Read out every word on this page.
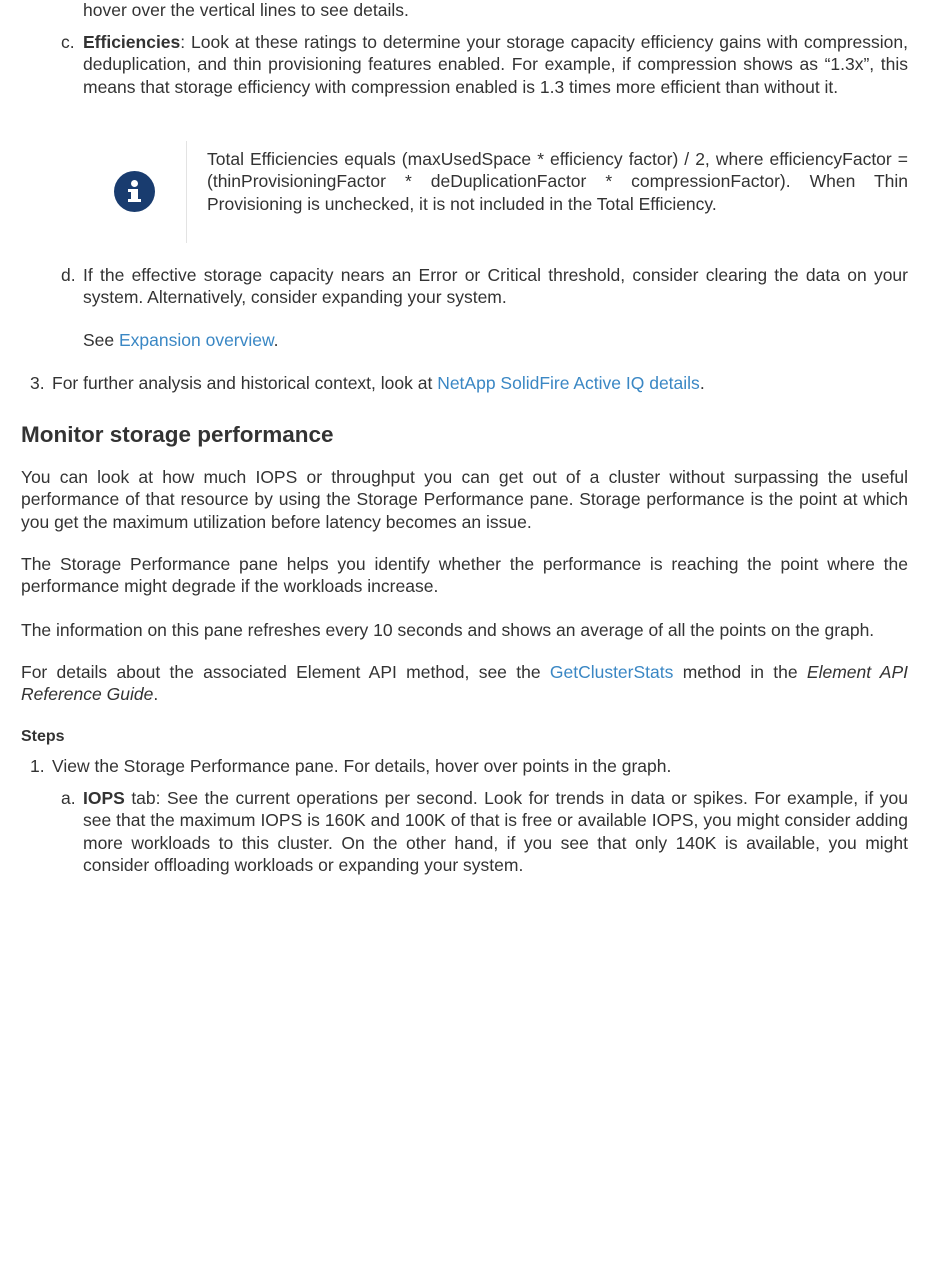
hover over the vertical lines to see details.
c. Efficiencies: Look at these ratings to determine your storage capacity efficiency gains with compression, deduplication, and thin provisioning features enabled. For example, if compression shows as “1.3x”, this means that storage efficiency with compression enabled is 1.3 times more efficient than without it.
Total Efficiencies equals (maxUsedSpace * efficiency factor) / 2, where efficiencyFactor = (thinProvisioningFactor * deDuplicationFactor * compressionFactor). When Thin Provisioning is unchecked, it is not included in the Total Efficiency.
d. If the effective storage capacity nears an Error or Critical threshold, consider clearing the data on your system. Alternatively, consider expanding your system.
See Expansion overview.
3. For further analysis and historical context, look at NetApp SolidFire Active IQ details.
Monitor storage performance

You can look at how much IOPS or throughput you can get out of a cluster without surpassing the useful performance of that resource by using the Storage Performance pane. Storage performance is the point at which you get the maximum utilization before latency becomes an issue.

The Storage Performance pane helps you identify whether the performance is reaching the point where the performance might degrade if the workloads increase.

The information on this pane refreshes every 10 seconds and shows an average of all the points on the graph.

For details about the associated Element API method, see the GetClusterStats method in the Element API Reference Guide.

Steps
1. View the Storage Performance pane. For details, hover over points in the graph.
a. IOPS tab: See the current operations per second. Look for trends in data or spikes. For example, if you see that the maximum IOPS is 160K and 100K of that is free or available IOPS, you might consider adding more workloads to this cluster. On the other hand, if you see that only 140K is available, you might consider offloading workloads or expanding your system.
